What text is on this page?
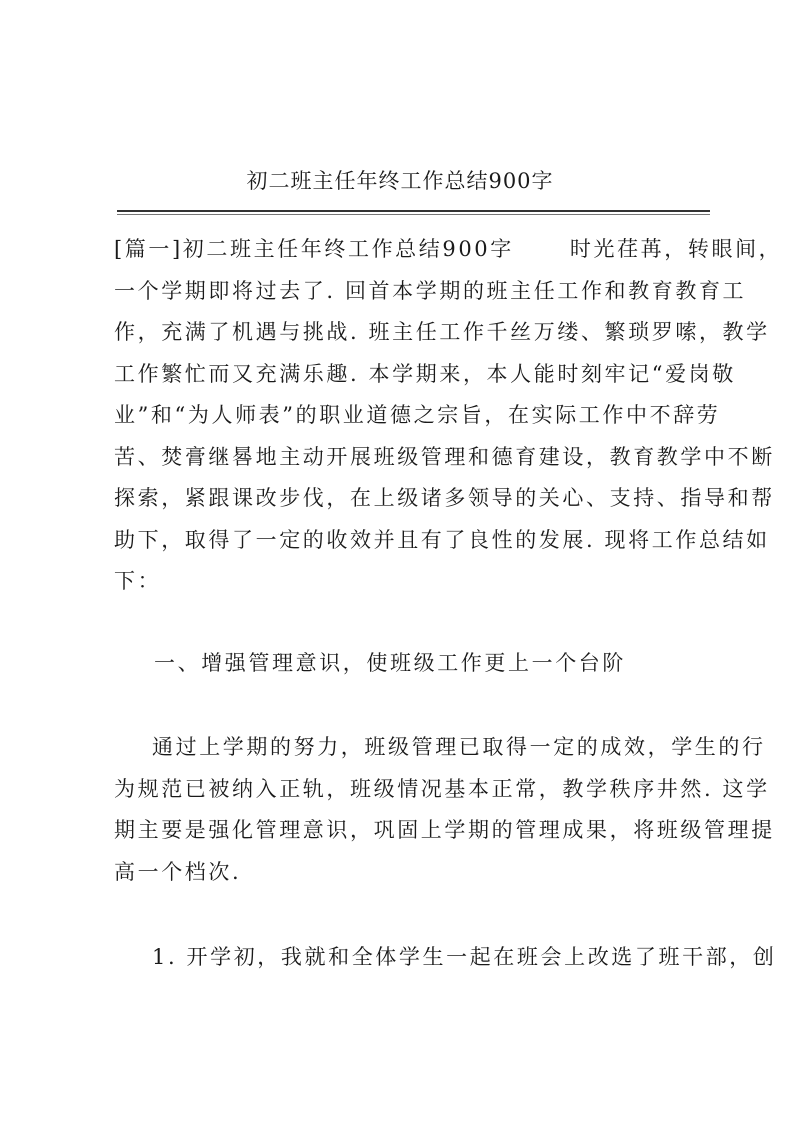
初二班主任年终工作总结900字

[篇一]初二班主任年终工作总结900字	时光荏苒，转眼间，

一个学期即将过去了. 回首本学期的班主任工作和教育教育工

作，充满了机遇与挑战. 班主任工作千丝万缕、繁琐罗嗦，教学

工作繁忙而又充满乐趣. 本学期来，本人能时刻牢记“爱岗敬

业”和“为人师表”的职业道德之宗旨，在实际工作中不辞劳

苦、焚膏继晷地主动开展班级管理和德育建设，教育教学中不断

探索，紧跟课改步伐，在上级诸多领导的关心、支持、指导和帮

助下，取得了一定的收效并且有了良性的发展. 现将工作总结如

下：

一、增强管理意识，使班级工作更上一个台阶

通过上学期的努力，班级管理已取得一定的成效，学生的行

为规范已被纳入正轨，班级情况基本正常，教学秩序井然. 这学

期主要是强化管理意识，巩固上学期的管理成果，将班级管理提

高一个档次.

1. 开学初，我就和全体学生一起在班会上改选了班干部，创
